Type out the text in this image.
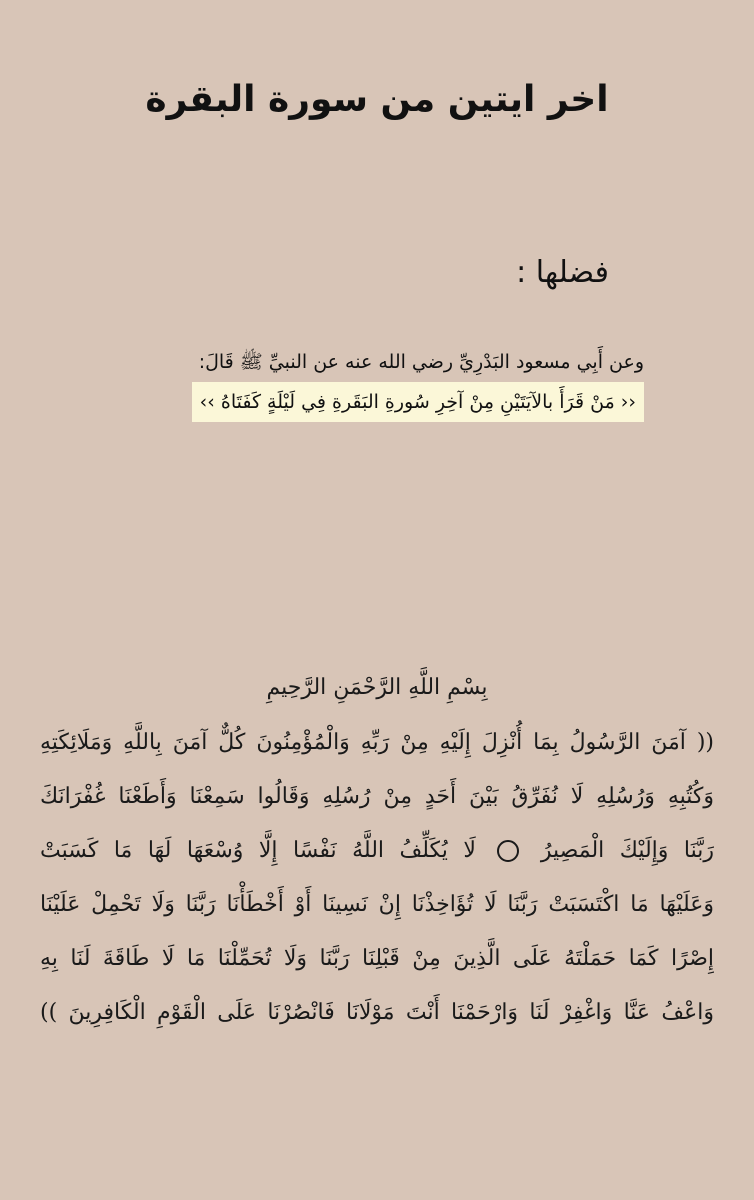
اخر ايتين من سورة البقرة
فضلها :
وعن أَبِي مسعود البَدْرِيِّ رضي الله عنه عن النبيِّ ﷺ قَالَ:
‹‹ مَنْ قَرَأَ بالآيَتَيْنِ مِنْ آخِرِ سُورةِ البَقَرةِ فِي لَيْلَةٍ كَفَتَاهُ ››
بِسْمِ اللَّهِ الرَّحْمَنِ الرَّحِيمِ
(( آمَنَ الرَّسُولُ بِمَا أُنْزِلَ إِلَيْهِ مِنْ رَبِّهِ وَالْمُؤْمِنُونَ كُلٌّ آمَنَ بِاللَّهِ وَمَلَائِكَتِهِ
وَكُتُبِهِ وَرُسُلِهِ لَا نُفَرِّقُ بَيْنَ أَحَدٍ مِنْ رُسُلِهِ وَقَالُوا سَمِعْنَا وَأَطَعْنَا غُفْرَانَكَ
رَبَّنَا وَإِلَيْكَ الْمَصِيرُ  لَا يُكَلِّفُ اللَّهُ نَفْسًا إِلَّا وُسْعَهَا لَهَا مَا كَسَبَتْ
وَعَلَيْهَا مَا اكْتَسَبَتْ رَبَّنَا لَا تُؤَاخِذْنَا إِنْ نَسِينَا أَوْ أَخْطَأْنَا رَبَّنَا وَلَا تَحْمِلْ عَلَيْنَا
إِصْرًا كَمَا حَمَلْتَهُ عَلَى الَّذِينَ مِنْ قَبْلِنَا رَبَّنَا وَلَا تُحَمِّلْنَا مَا لَا طَاقَةَ لَنَا بِهِ
وَاعْفُ عَنَّا وَاغْفِرْ لَنَا وَارْحَمْنَا أَنْتَ مَوْلَانَا فَانْصُرْنَا عَلَى الْقَوْمِ الْكَافِرِينَ ))
